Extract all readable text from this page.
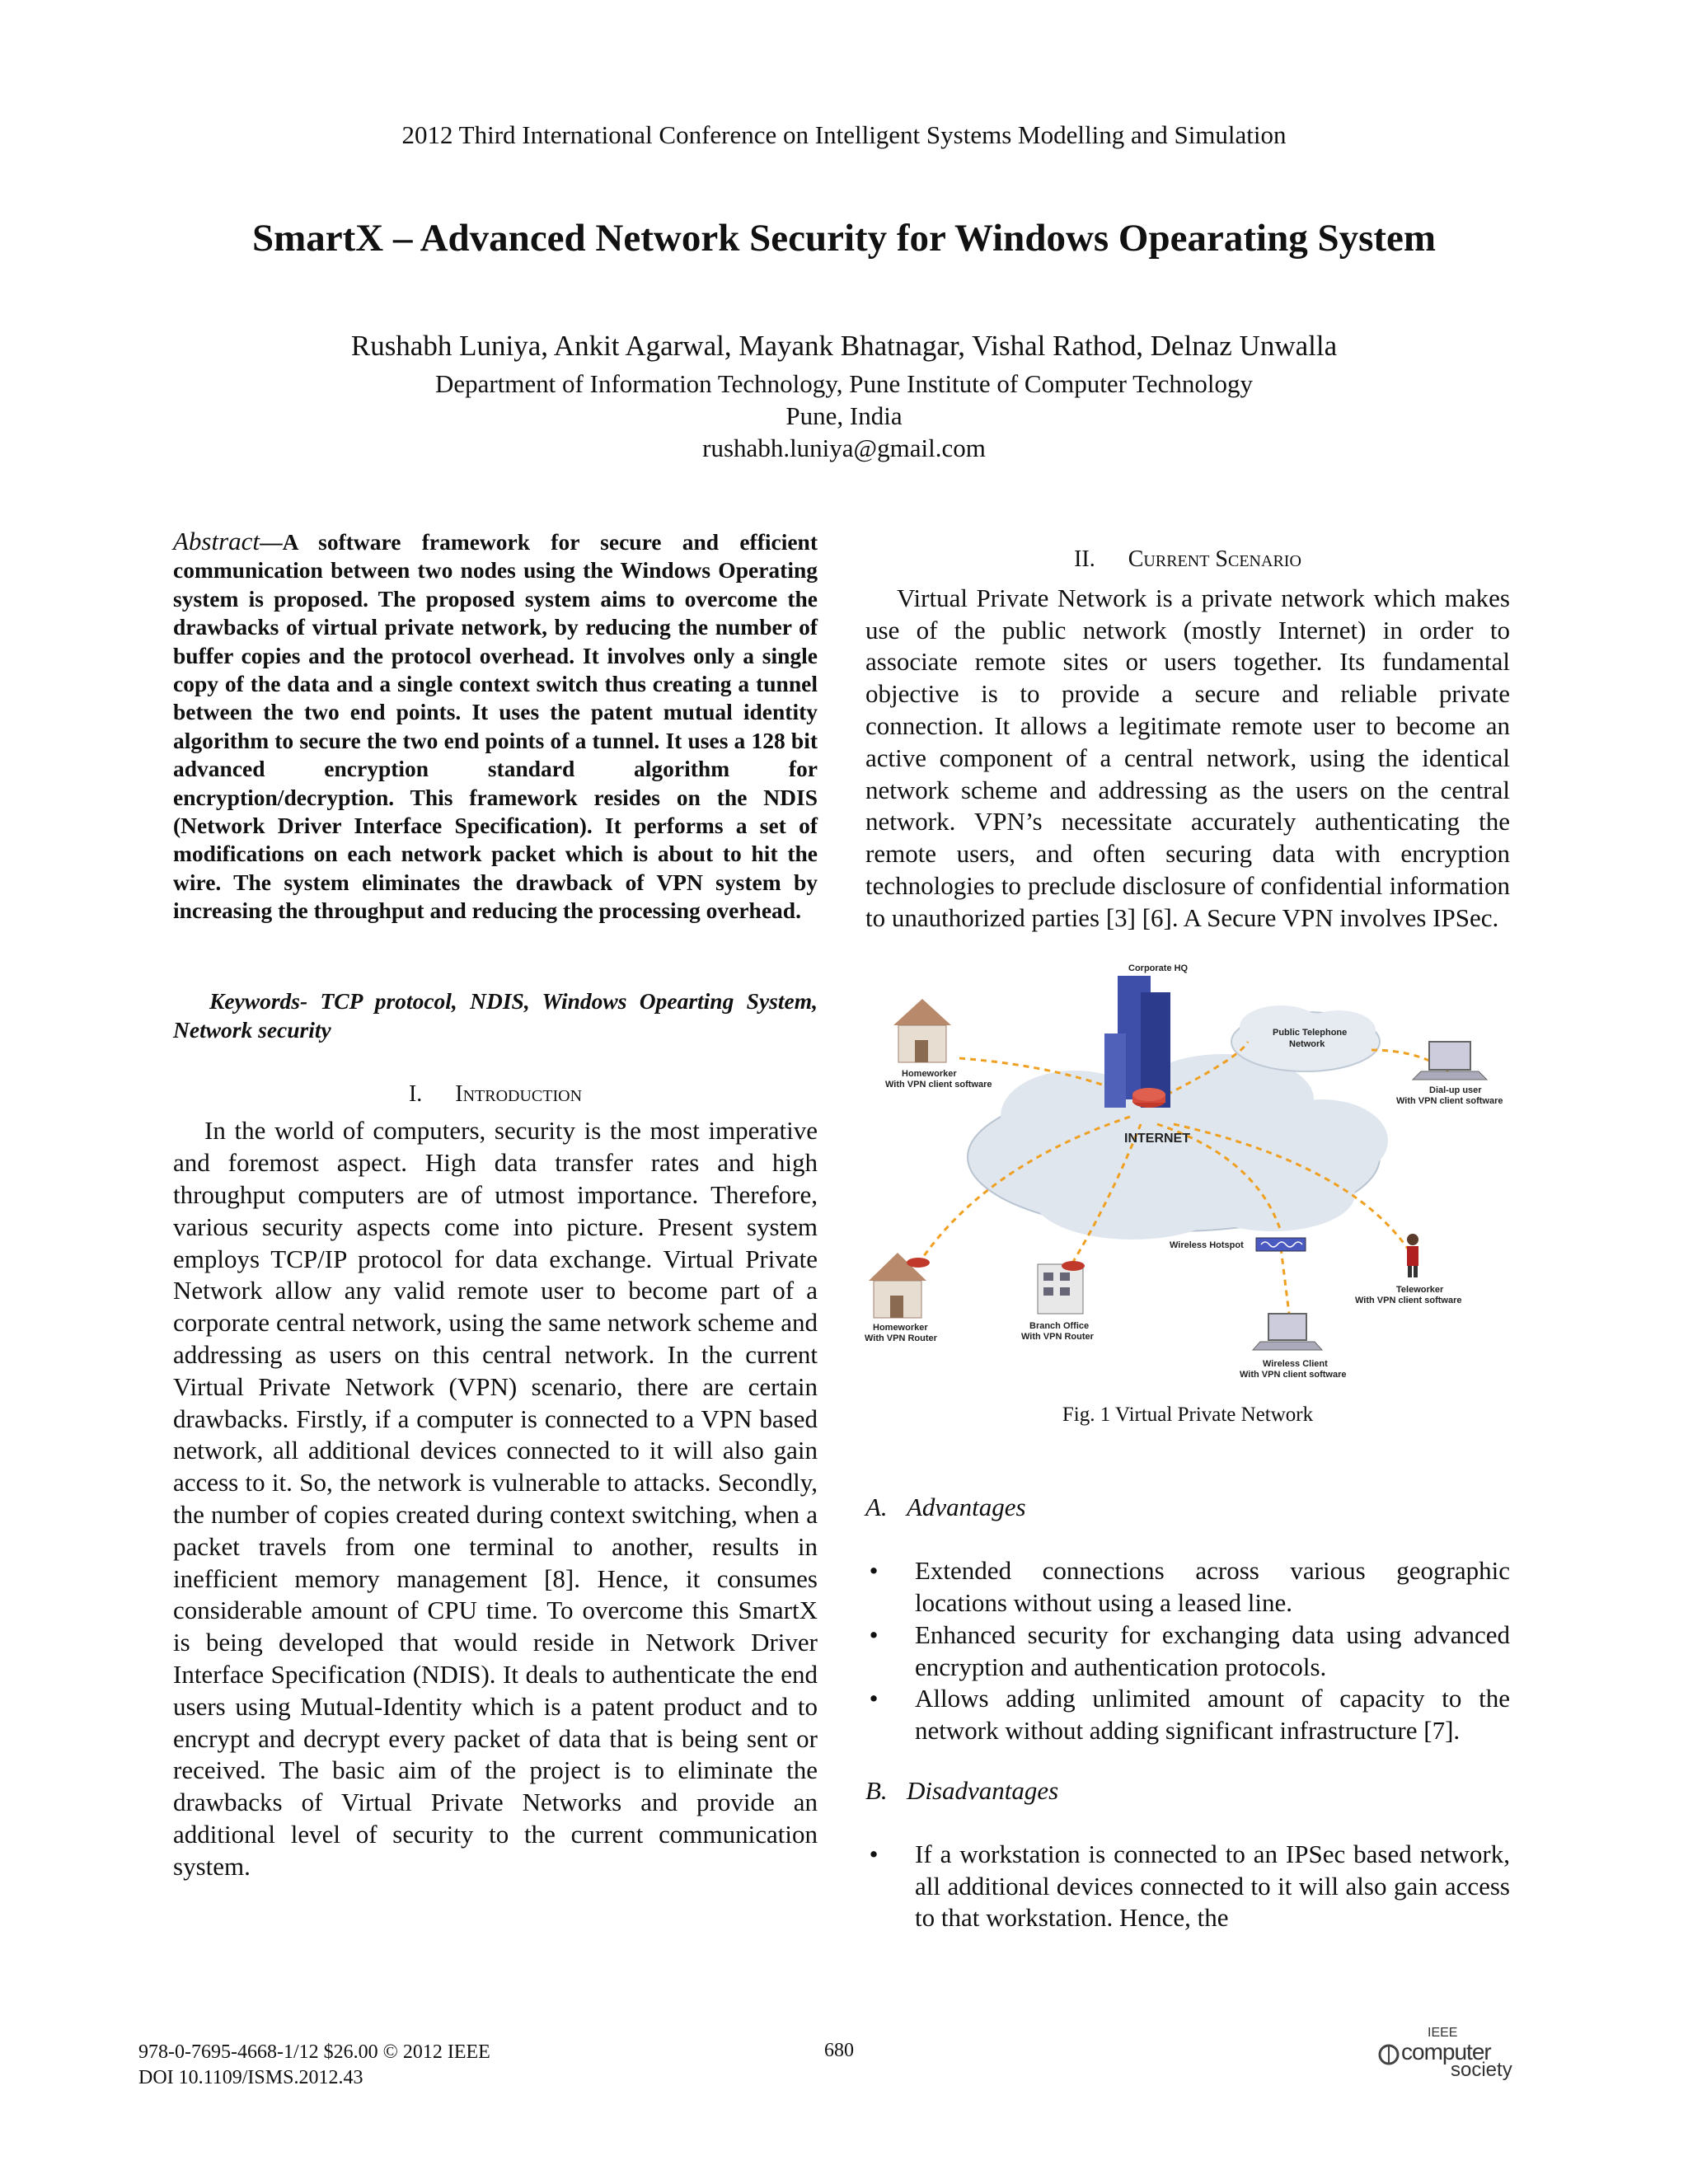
2012 Third International Conference on Intelligent Systems Modelling and Simulation
SmartX – Advanced Network Security for Windows Opearating System
Rushabh Luniya, Ankit Agarwal, Mayank Bhatnagar, Vishal Rathod, Delnaz Unwalla
Department of Information Technology, Pune Institute of Computer Technology
Pune, India
rushabh.luniya@gmail.com
Abstract—A software framework for secure and efficient communication between two nodes using the Windows Operating system is proposed. The proposed system aims to overcome the drawbacks of virtual private network, by reducing the number of buffer copies and the protocol overhead. It involves only a single copy of the data and a single context switch thus creating a tunnel between the two end points. It uses the patent mutual identity algorithm to secure the two end points of a tunnel. It uses a 128 bit advanced encryption standard algorithm for encryption/decryption. This framework resides on the NDIS (Network Driver Interface Specification). It performs a set of modifications on each network packet which is about to hit the wire. The system eliminates the drawback of VPN system by increasing the throughput and reducing the processing overhead.
Keywords- TCP protocol, NDIS, Windows Opearting System, Network security
I. Introduction

In the world of computers, security is the most imperative and foremost aspect. High data transfer rates and high throughput computers are of utmost importance. Therefore, various security aspects come into picture. Present system employs TCP/IP protocol for data exchange. Virtual Private Network allow any valid remote user to become part of a corporate central network, using the same network scheme and addressing as users on this central network. In the current Virtual Private Network (VPN) scenario, there are certain drawbacks. Firstly, if a computer is connected to a VPN based network, all additional devices connected to it will also gain access to it. So, the network is vulnerable to attacks. Secondly, the number of copies created during context switching, when a packet travels from one terminal to another, results in inefficient memory management [8]. Hence, it consumes considerable amount of CPU time. To overcome this SmartX is being developed that would reside in Network Driver Interface Specification (NDIS). It deals to authenticate the end users using Mutual-Identity which is a patent product and to encrypt and decrypt every packet of data that is being sent or received. The basic aim of the project is to eliminate the drawbacks of Virtual Private Networks and provide an additional level of security to the current communication system.

II. Current Scenario

Virtual Private Network is a private network which makes use of the public network (mostly Internet) in order to associate remote sites or users together. Its fundamental objective is to provide a secure and reliable private connection. It allows a legitimate remote user to become an active component of a central network, using the identical network scheme and addressing as the users on the central network. VPN’s necessitate accurately authenticating the remote users, and often securing data with encryption technologies to preclude disclosure of confidential information to unauthorized parties [3] [6]. A Secure VPN involves IPSec.

Corporate HQ
Public Telephone
Network
Homeworker
With VPN client software
Dial-up user
With VPN client software
INTERNET
Homeworker
With VPN Router
Branch Office
With VPN Router
Wireless Hotspot
Teleworker
With VPN client software
Wireless Client
With VPN client software
Fig. 1 Virtual Private Network
A. Advantages
• Extended connections across various geographic locations without using a leased line.
• Enhanced security for exchanging data using advanced encryption and authentication protocols.
• Allows adding unlimited amount of capacity to the network without adding significant infrastructure [7].
B. Disadvantages
• If a workstation is connected to an IPSec based network, all additional devices connected to it will also gain access to that workstation. Hence, the
978-0-7695-4668-1/12 $26.00 © 2012 IEEE
DOI 10.1109/ISMS.2012.43
680
IEEE
computer
society
